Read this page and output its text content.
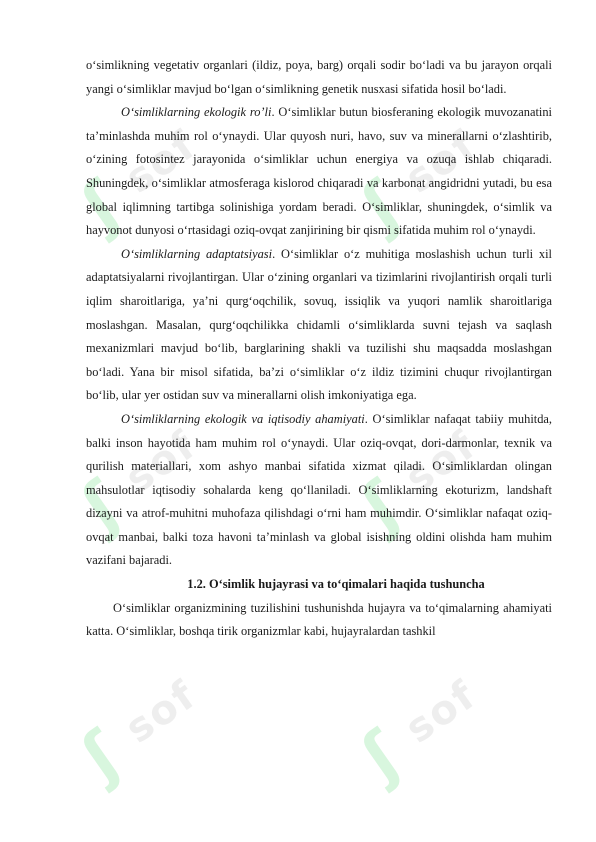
ʃ
sof
ʃ
sof
ʃ
sof
ʃ
sof
ʃ
sof
ʃ
sof

o‘simlikning vegetativ organlari (ildiz, poya, barg) orqali sodir bo‘ladi va bu jarayon orqali yangi o‘simliklar mavjud bo‘lgan o‘simlikning genetik nusxasi sifatida hosil bo‘ladi.

O‘simliklarning ekologik ro’li. O‘simliklar butun biosferaning ekologik muvozanatini ta’minlashda muhim rol o‘ynaydi. Ular quyosh nuri, havo, suv va minerallarni o‘zlashtirib, o‘zining fotosintez jarayonida o‘simliklar uchun energiya va ozuqa ishlab chiqaradi. Shuningdek, o‘simliklar atmosferaga kislorod chiqaradi va karbonat angidridni yutadi, bu esa global iqlimning tartibga solinishiga yordam beradi. O‘simliklar, shuningdek, o‘simlik va hayvonot dunyosi o‘rtasidagi oziq-ovqat zanjirining bir qismi sifatida muhim rol o‘ynaydi.

O‘simliklarning adaptatsiyasi. O‘simliklar o‘z muhitiga moslashish uchun turli xil adaptatsiyalarni rivojlantirgan. Ular o‘zining organlari va tizimlarini rivojlantirish orqali turli iqlim sharoitlariga, ya’ni qurg‘oqchilik, sovuq, issiqlik va yuqori namlik sharoitlariga moslashgan. Masalan, qurg‘oqchilikka chidamli o‘simliklarda suvni tejash va saqlash mexanizmlari mavjud bo‘lib, barglarining shakli va tuzilishi shu maqsadda moslashgan bo‘ladi. Yana bir misol sifatida, ba’zi o‘simliklar o‘z ildiz tizimini chuqur rivojlantirgan bo‘lib, ular yer ostidan suv va minerallarni olish imkoniyatiga ega.

O‘simliklarning ekologik va iqtisodiy ahamiyati. O‘simliklar nafaqat tabiiy muhitda, balki inson hayotida ham muhim rol o‘ynaydi. Ular oziq-ovqat, dori-darmonlar, texnik va qurilish materiallari, xom ashyo manbai sifatida xizmat qiladi. O‘simliklardan olingan mahsulotlar iqtisodiy sohalarda keng qo‘llaniladi. O‘simliklarning ekoturizm, landshaft dizayni va atrof-muhitni muhofaza qilishdagi o‘rni ham muhimdir. O‘simliklar nafaqat oziq-ovqat manbai, balki toza havoni ta’minlash va global isishning oldini olishda ham muhim vazifani bajaradi.

1.2. O‘simlik hujayrasi va to‘qimalari haqida tushuncha

O‘simliklar organizmining tuzilishini tushunishda hujayra va to‘qimalarning ahamiyati katta. O‘simliklar, boshqa tirik organizmlar kabi, hujayralardan tashkil
